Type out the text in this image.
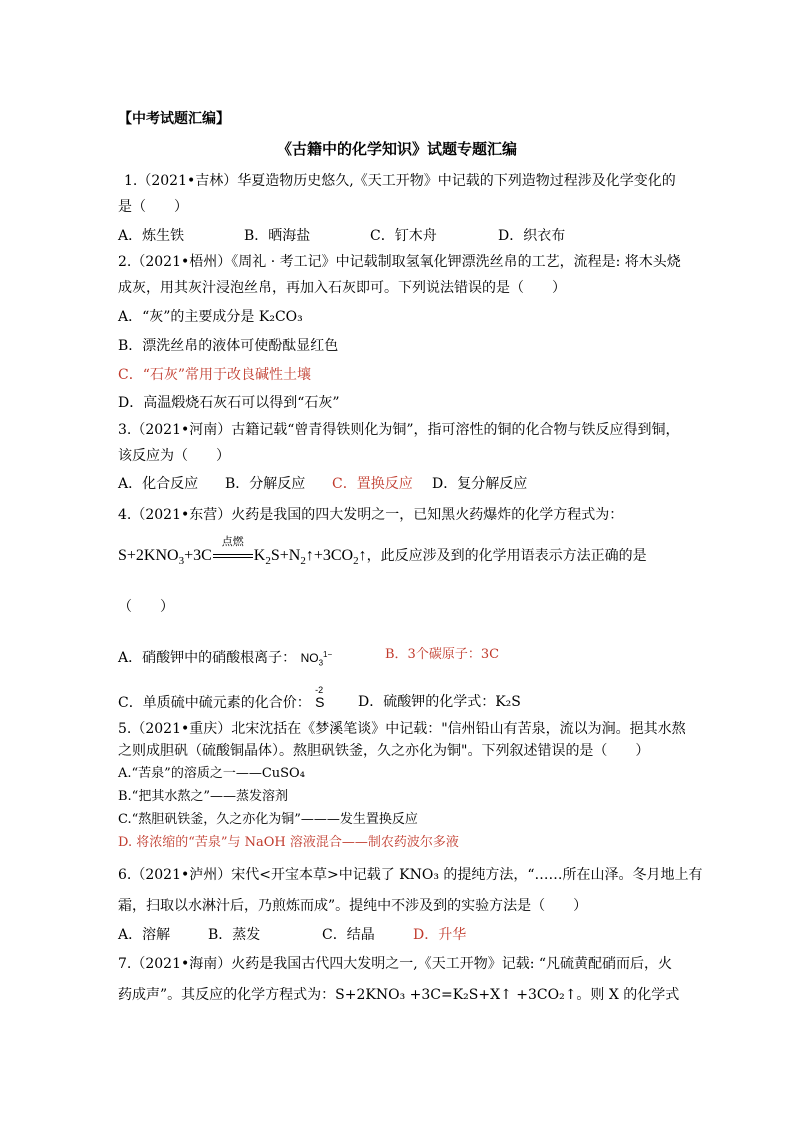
【中考试题汇编】
《古籍中的化学知识》试题专题汇编
1.（2021•吉林）华夏造物历史悠久,《天工开物》中记载的下列造物过程涉及化学变化的
是（　　）
A．炼生铁	B．晒海盐	C．钉木舟	D．织衣布
2.（2021•梧州）《周礼 · 考工记》中记载制取氢氧化钾漂洗丝帛的工艺，流程是: 将木头烧
成灰，用其灰汁浸泡丝帛，再加入石灰即可。下列说法错误的是（　　）
A．“灰”的主要成分是 K₂CO₃
B．漂洗丝帛的液体可使酚酞显红色
C．“石灰”常用于改良碱性土壤
D．高温煅烧石灰石可以得到“石灰”
3.（2021•河南）古籍记载“曾青得铁则化为铜”，指可溶性的铜的化合物与铁反应得到铜，
该反应为（　　）
A．化合反应 B．分解反应 C．置换反应 D．复分解反应
4.（2021•东营）火药是我国的四大发明之一，已知黑火药爆炸的化学方程式为：
$S+2KNO_3+3C$
点燃
$K_2S+N_2↑+3CO_2↑$，此反应涉及到的化学用语表示方法正确的是
（　　）
A．硝酸钾中的硝酸根离子： $NO_3^{1-}$	B．3个碳原子：3C
C．单质硫中硫元素的化合价：
-2
S D．硫酸钾的化学式：K₂S
5.（2021•重庆）北宋沈括在《梦溪笔谈》中记载："信州铅山有苦泉，流以为涧。挹其水熬
之则成胆矾（硫酸铜晶体）。熬胆矾铁釜，久之亦化为铜"。下列叙述错误的是（　　）
A.“苦泉”的溶质之一——CuSO₄
B.“把其水熬之”——蒸发溶剂
C.“熬胆矾铁釜，久之亦化为铜”———发生置换反应
D. 将浓缩的“苦泉”与 NaOH 溶液混合——制农药波尔多液
6.（2021•泸州）宋代<开宝本草>中记载了 KNO₃ 的提纯方法，“……所在山泽。冬月地上有
霜，扫取以水淋汁后，乃煎炼而成”。提纯中不涉及到的实验方法是（　　）
A．溶解	B．蒸发	C．结晶	D．升华
7.（2021•海南）火药是我国古代四大发明之一,《天工开物》记载: “凡硫黄配硝而后，火
药成声”。其反应的化学方程式为：S+2KNO₃ +3C=K₂S+X↑ +3CO₂↑。则 X 的化学式
